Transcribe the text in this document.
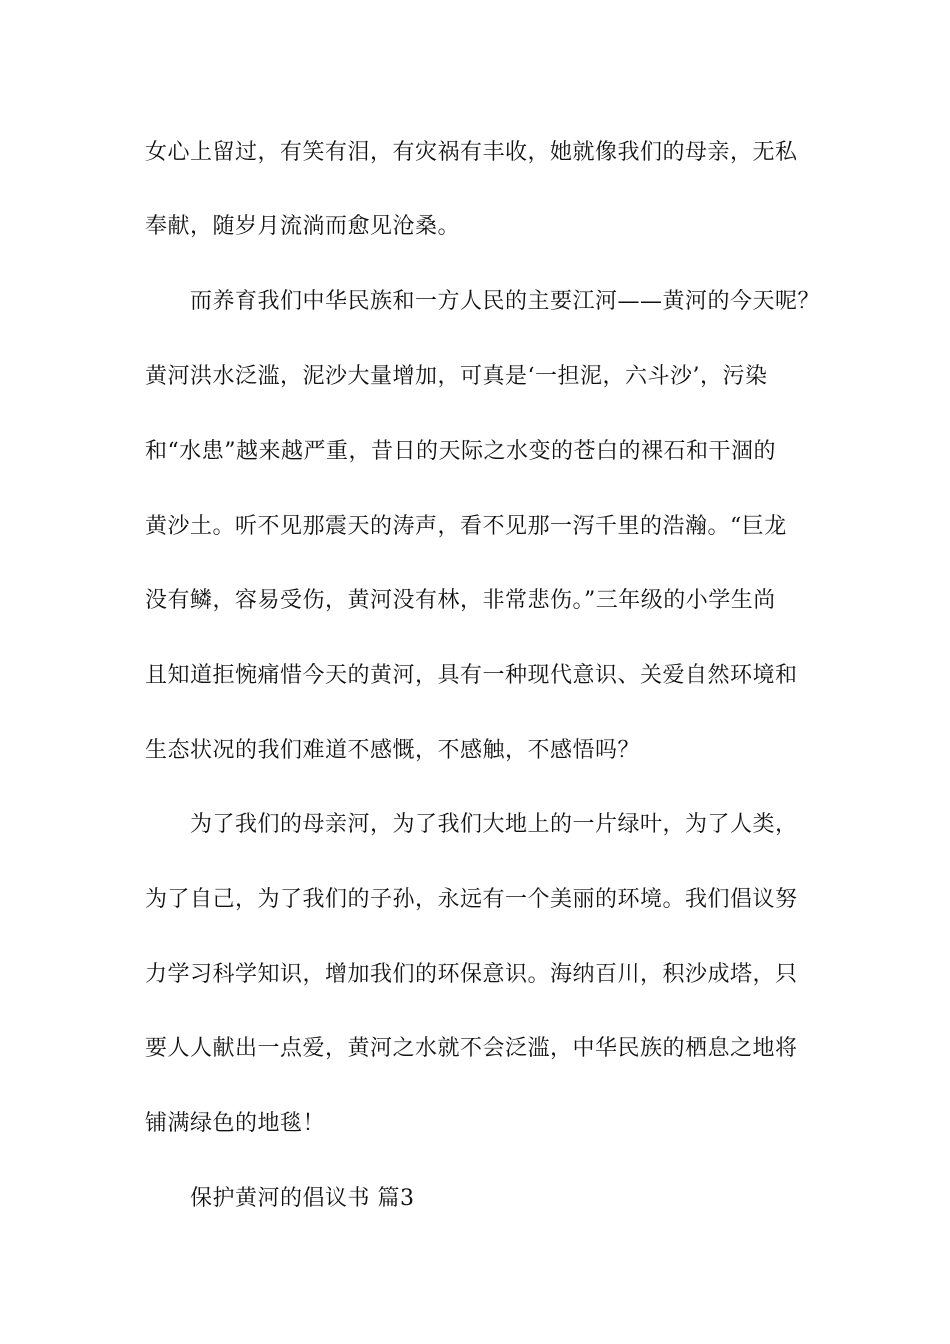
女心上留过，有笑有泪，有灾祸有丰收，她就像我们的母亲，无私
奉献，随岁月流淌而愈见沧桑。
而养育我们中华民族和一方人民的主要江河——黄河的今天呢？
黄河洪水泛滥，泥沙大量增加，可真是‘一担泥，六斗沙’，污染
和“水患”越来越严重，昔日的天际之水变的苍白的裸石和干涸的
黄沙土。听不见那震天的涛声，看不见那一泻千里的浩瀚。“巨龙
没有鳞，容易受伤，黄河没有林，非常悲伤。”三年级的小学生尚
且知道拒惋痛惜今天的黄河，具有一种现代意识、关爱自然环境和
生态状况的我们难道不感慨，不感触，不感悟吗？
为了我们的母亲河，为了我们大地上的一片绿叶，为了人类，
为了自己，为了我们的子孙，永远有一个美丽的环境。我们倡议努
力学习科学知识，增加我们的环保意识。海纳百川，积沙成塔，只
要人人献出一点爱，黄河之水就不会泛滥，中华民族的栖息之地将
铺满绿色的地毯！
保护黄河的倡议书 篇3
